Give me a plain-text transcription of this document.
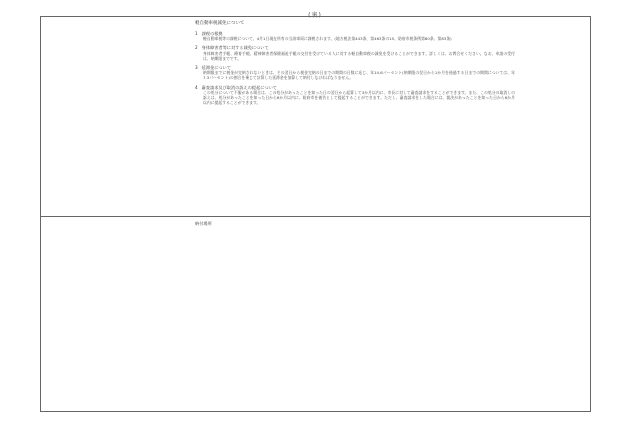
(裏)
軽自動車税減免について
1 課税の根拠
軽自動車税等の課税について、4月1日現在所有の当該車両に課税されます。(地方税法第443条、第463条の15、防府市税条例第80条、第83条)
2 身体障害者等に対する減免について
身体障害者手帳、療育手帳、精神障害者保健福祉手帳の交付を受けている人に対する軽自動車税の減免を受けることができます。詳しくは、お問合せください。なお、申請の受付は、納期限までです。
3 延滞金について
納期限までに税金が完納されないときは、その翌日から税金完納の日までの期間の日数に応じ、年14.6パーセント(納期限の翌日から1か月を経過する日までの期間については、年7.3パーセント)の割合を乗じて計算した延滞金を加算して納付しなければなりません。
4 審査請求及び取消の訴えの提起について
この処分について不服がある場合は、この処分があったことを知った日の翌日から起算して3か月以内に、市長に対して審査請求をすることができます。また、この処分の取消しの訴えは、処分があったことを知った日から6か月以内に、防府市を被告として提起することができます。ただし、審査請求をした場合には、裁決があったことを知った日から6か月以内に提起することができます。
納付場所
